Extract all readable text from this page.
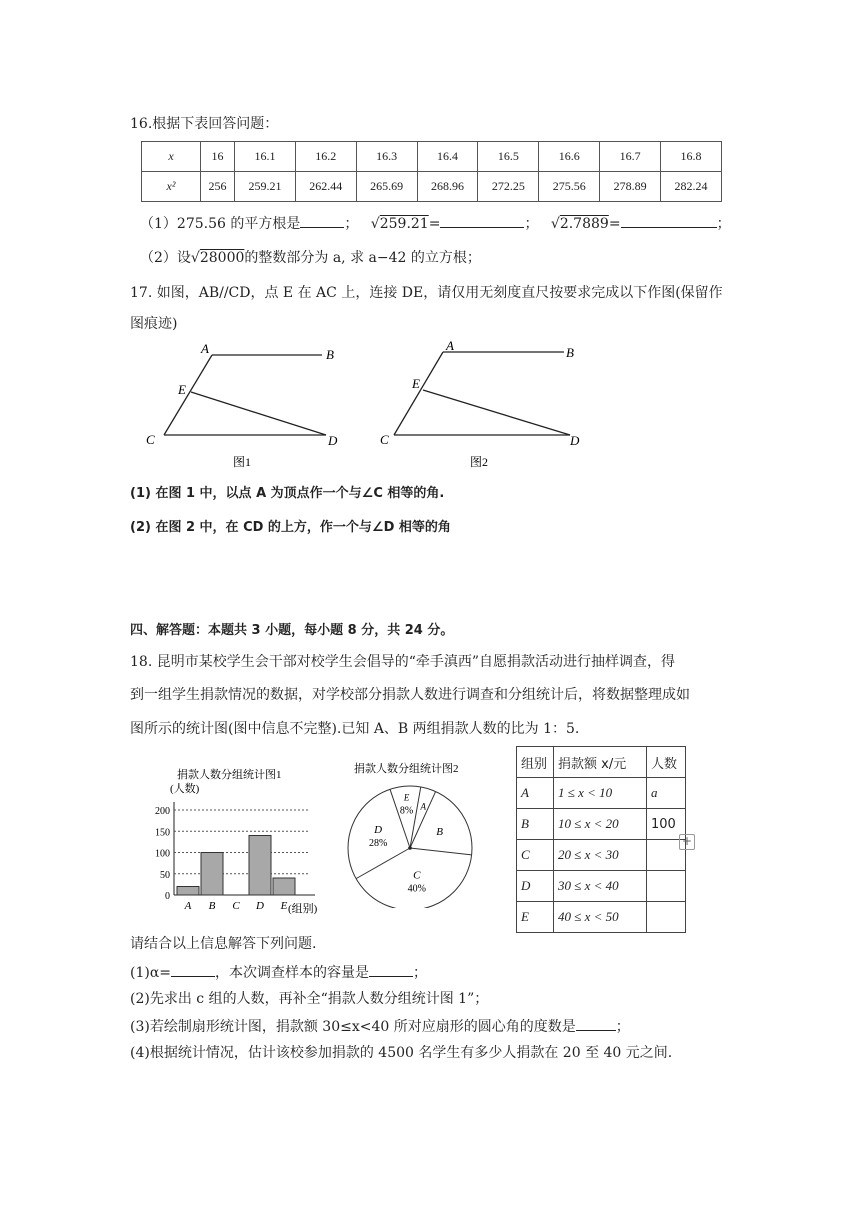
16.根据下表回答问题：
x	16	16.1	16.2	16.3	16.4	16.5	16.6	16.7	16.8
x²	256	259.21	262.44	265.69	268.96	272.25	275.56	278.89	282.24
（1）275.56 的平方根是	； √259.21=	； √2.7889=	；
（2）设√28000的整数部分为 a, 求 a−42 的立方根；
17. 如图，AB//CD，点 E 在 AC 上，连接 DE，请仅用无刻度直尺按要求完成以下作图(保留作
图痕迹)
A	B
E
C	D
图1
A	B
E
C	D
图2
(1) 在图 1 中，以点 A 为顶点作一个与∠C 相等的角.
(2) 在图 2 中，在 CD 的上方，作一个与∠D 相等的角
四、解答题：本题共 3 小题，每小题 8 分，共 24 分。
18. 昆明市某校学生会干部对校学生会倡导的“牵手滇西”自愿捐款活动进行抽样调查，得
到一组学生捐款情况的数据，对学校部分捐款人数进行调查和分组统计后，将数据整理成如
图所示的统计图(图中信息不完整).已知 A、B 两组捐款人数的比为 1：5.
捐款人数分组统计图1
(人数)
(组别)
0
50
100
150
200
A B C D E
捐款人数分组统计图2
A
B
C
40%
D
28%
E
8%
组别	捐款额 x/元	人数
A	1 ≤ x < 10	a
B	10 ≤ x < 20	100
C	20 ≤ x < 30	
D	30 ≤ x < 40	
E	40 ≤ x < 50	
+
请结合以上信息解答下列问题.
(1)α=	，本次调查样本的容量是	；
(2)先求出 c 组的人数，再补全“捐款人数分组统计图 1”；
(3)若绘制扇形统计图，捐款额 30≤x<40 所对应扇形的圆心角的度数是	；
(4)根据统计情况，估计该校参加捐款的 4500 名学生有多少人捐款在 20 至 40 元之间.
